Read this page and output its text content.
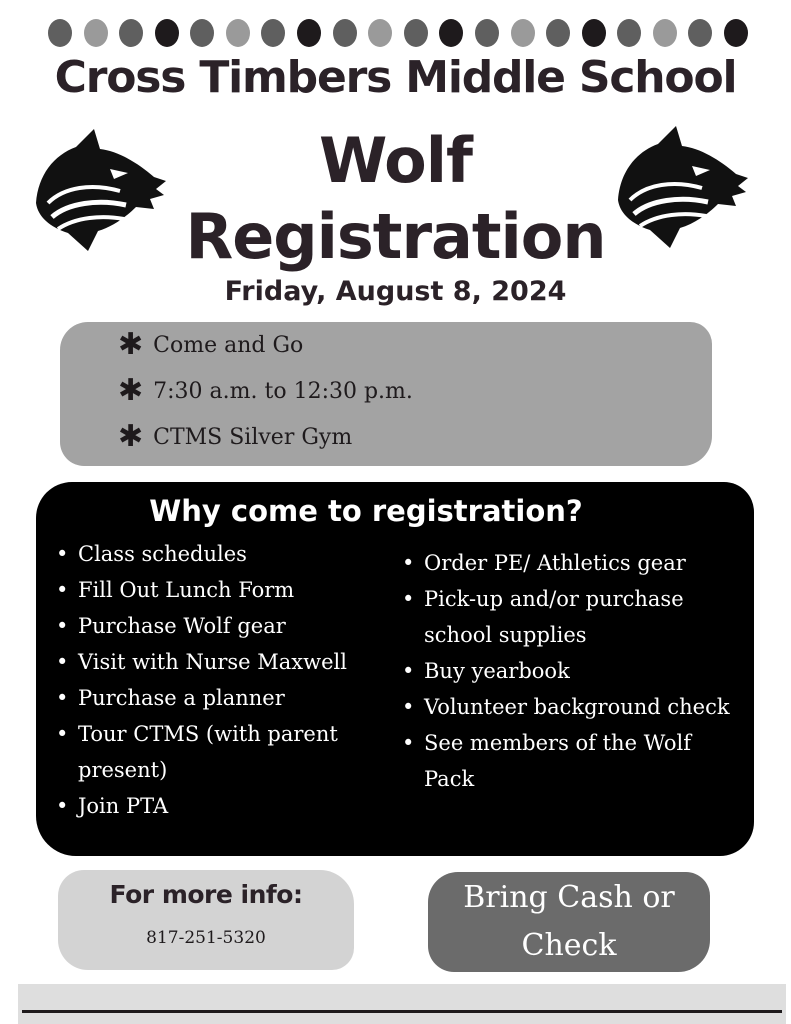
Cross Timbers Middle School
Wolf
Registration
Friday, August 8, 2024
✱ Come and Go
✱ 7:30 a.m. to 12:30 p.m.
✱ CTMS Silver Gym
Why come to registration?
• Class schedules
• Fill Out Lunch Form
• Purchase Wolf gear
• Visit with Nurse Maxwell
• Purchase a planner
• Tour CTMS (with parent present)
• Join PTA
• Order PE/ Athletics gear
• Pick-up and/or purchase school supplies
• Buy yearbook
• Volunteer background check
• See members of the Wolf Pack
For more info:
817-251-5320
Bring Cash or
Check
